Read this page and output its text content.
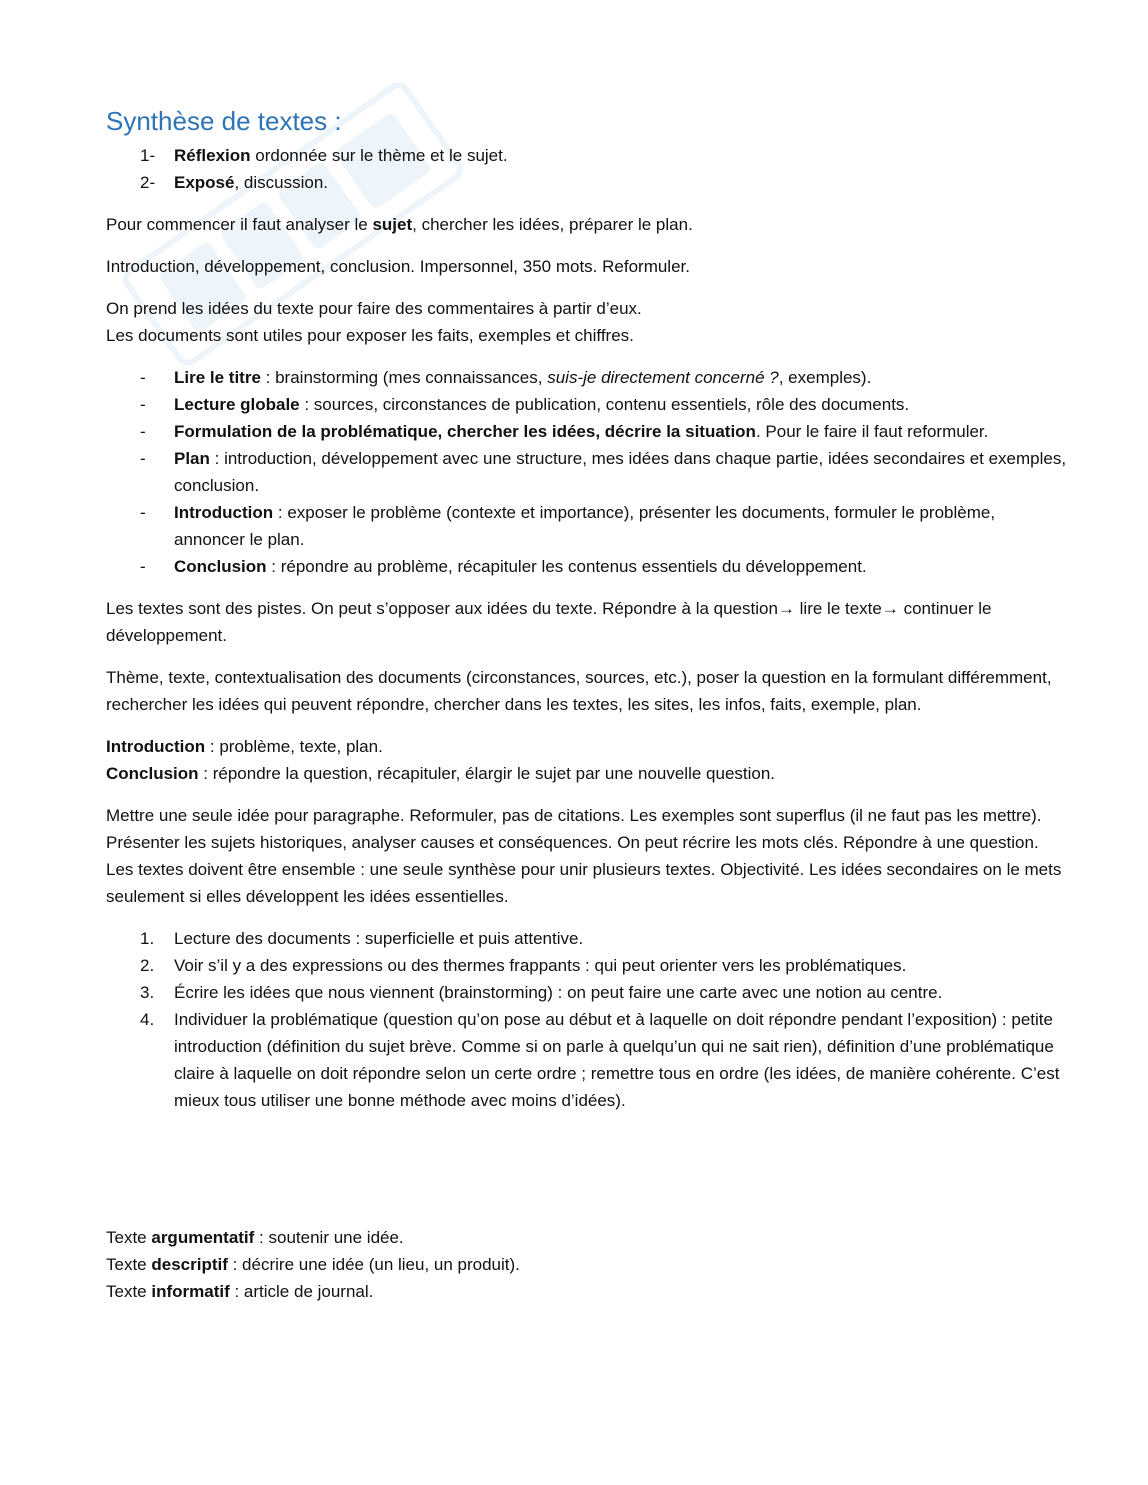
Synthèse de textes :
1- Réflexion ordonnée sur le thème et le sujet.
2- Exposé, discussion.

Pour commencer il faut analyser le sujet, chercher les idées, préparer le plan.

Introduction, développement, conclusion. Impersonnel, 350 mots. Reformuler.

On prend les idées du texte pour faire des commentaires à partir d’eux.
Les documents sont utiles pour exposer les faits, exemples et chiffres.

- Lire le titre : brainstorming (mes connaissances, suis-je directement concerné ?, exemples).
- Lecture globale : sources, circonstances de publication, contenu essentiels, rôle des documents.
- Formulation de la problématique, chercher les idées, décrire la situation. Pour le faire il faut reformuler.
- Plan : introduction, développement avec une structure, mes idées dans chaque partie, idées secondaires et exemples, conclusion.
- Introduction : exposer le problème (contexte et importance), présenter les documents, formuler le problème, annoncer le plan.
- Conclusion : répondre au problème, récapituler les contenus essentiels du développement.

Les textes sont des pistes. On peut s’opposer aux idées du texte. Répondre à la question→ lire le texte→ continuer le développement.

Thème, texte, contextualisation des documents (circonstances, sources, etc.), poser la question en la formulant différemment, rechercher les idées qui peuvent répondre, chercher dans les textes, les sites, les infos, faits, exemple, plan.

Introduction : problème, texte, plan.
Conclusion : répondre la question, récapituler, élargir le sujet par une nouvelle question.

Mettre une seule idée pour paragraphe. Reformuler, pas de citations. Les exemples sont superflus (il ne faut pas les mettre). Présenter les sujets historiques, analyser causes et conséquences. On peut récrire les mots clés. Répondre à une question. Les textes doivent être ensemble : une seule synthèse pour unir plusieurs textes. Objectivité. Les idées secondaires on le mets seulement si elles développent les idées essentielles.

1. Lecture des documents : superficielle et puis attentive.
2. Voir s’il y a des expressions ou des thermes frappants : qui peut orienter vers les problématiques.
3. Écrire les idées que nous viennent (brainstorming) : on peut faire une carte avec une notion au centre.
4. Individuer la problématique (question qu’on pose au début et à laquelle on doit répondre pendant l’exposition) : petite introduction (définition du sujet brève. Comme si on parle à quelqu’un qui ne sait rien), définition d’une problématique claire à laquelle on doit répondre selon un certe ordre ; remettre tous en ordre (les idées, de manière cohérente. C’est mieux tous utiliser une bonne méthode avec moins d’idées).

Texte argumentatif : soutenir une idée.
Texte descriptif : décrire une idée (un lieu, un produit).
Texte informatif : article de journal.
